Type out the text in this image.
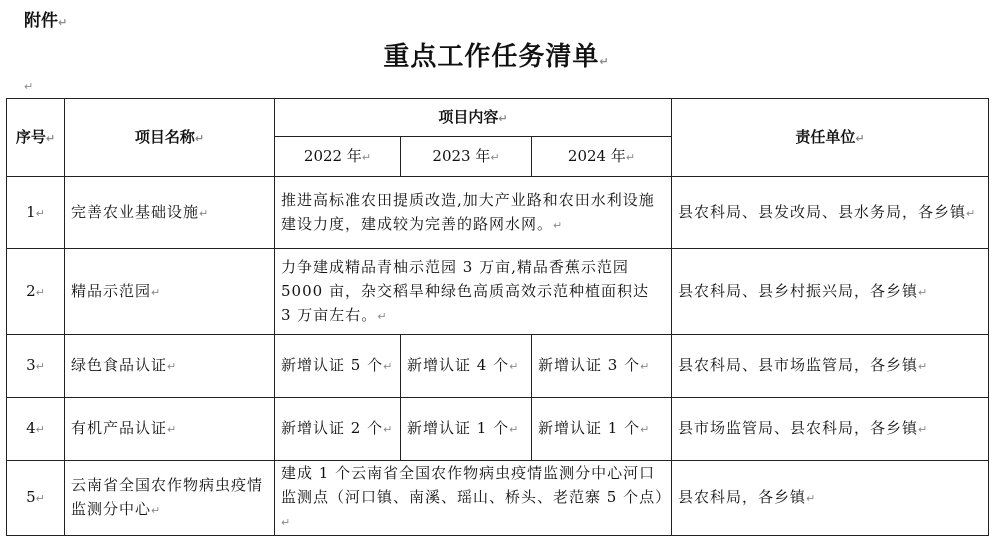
附件↵
重点工作任务清单↵
↵
序号↵	项目名称↵	项目内容↵			责任单位↵
		2022 年↵	2023 年↵	2024 年↵	
1↵	完善农业基础设施↵	推进高标准农田提质改造,加大产业路和农田水利设施建设力度，建成较为完善的路网水网。↵			县农科局、县发改局、县水务局，各乡镇↵
2↵	精品示范园↵	力争建成精品青柚示范园 3 万亩,精品香蕉示范园 5000 亩，杂交稻旱种绿色高质高效示范种植面积达 3 万亩左右。↵			县农科局、县乡村振兴局，各乡镇↵
3↵	绿色食品认证↵	新增认证 5 个↵	新增认证 4 个↵	新增认证 3 个↵	县农科局、县市场监管局，各乡镇↵
4↵	有机产品认证↵	新增认证 2 个↵	新增认证 1 个↵	新增认证 1 个↵	县市场监管局、县农科局，各乡镇↵
5↵	云南省全国农作物病虫疫情监测分中心↵	建成 1 个云南省全国农作物病虫疫情监测分中心河口监测点（河口镇、南溪、瑶山、桥头、老范寨 5 个点）↵			县农科局，各乡镇↵
